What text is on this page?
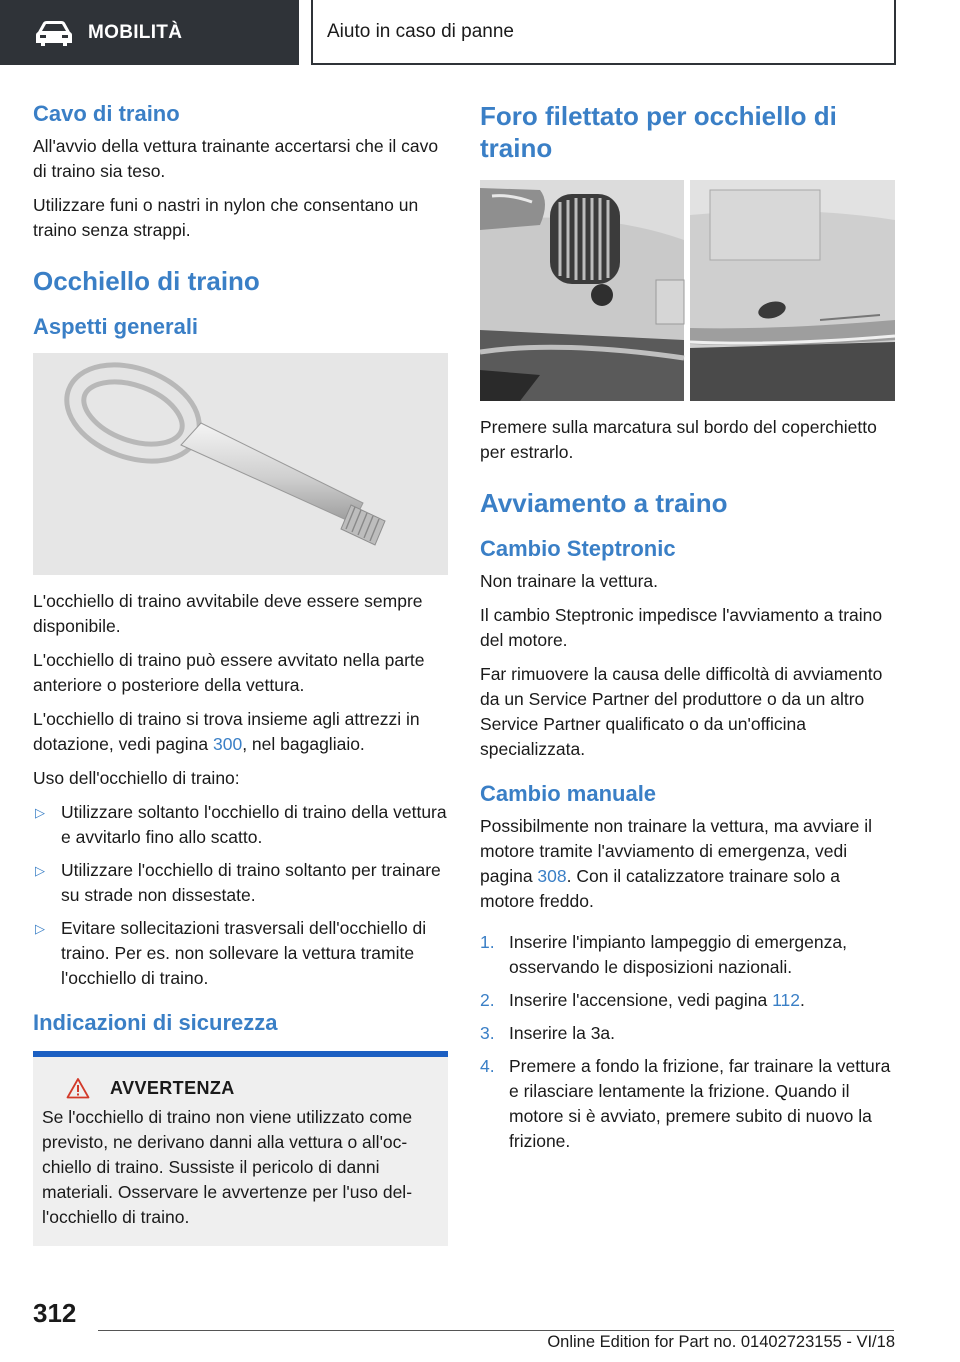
MOBILITÀ	Aiuto in caso di panne
Cavo di traino

All'avvio della vettura trainante accertarsi che il cavo di traino sia teso.

Utilizzare funi o nastri in nylon che consentano un traino senza strappi.

Occhiello di traino
Aspetti generali

L'occhiello di traino avvitabile deve essere sempre disponibile.

L'occhiello di traino può essere avvitato nella parte anteriore o posteriore della vettura.

L'occhiello di traino si trova insieme agli attrezzi in dotazione, vedi pagina 300, nel bagagliaio.

Uso dell'occhiello di traino:

▷ Utilizzare soltanto l'occhiello di traino della vettura e avvitarlo fino allo scatto.
▷ Utilizzare l'occhiello di traino soltanto per trainare su strade non dissestate.
▷ Evitare sollecitazioni trasversali dell'occhiello di traino. Per es. non sollevare la vettura tramite l'occhiello di traino.
Indicazioni di sicurezza
AVVERTENZA

Se l'occhiello di traino non viene utilizzato come previsto, ne derivano danni alla vettura o all'occhiello di traino. Sussiste il pericolo di danni materiali. Osservare le avvertenze per l'uso dell'occhiello di traino.

Foro filettato per occhiello di traino

Premere sulla marcatura sul bordo del coperchietto per estrarlo.

Avviamento a traino
Cambio Steptronic

Non trainare la vettura.

Il cambio Steptronic impedisce l'avviamento a traino del motore.

Far rimuovere la causa delle difficoltà di avviamento da un Service Partner del produttore o da un altro Service Partner qualificato o da un'officina specializzata.

Cambio manuale

Possibilmente non trainare la vettura, ma avviare il motore tramite l'avviamento di emergenza, vedi pagina 308. Con il catalizzatore trainare solo a motore freddo.

1. Inserire l'impianto lampeggio di emergenza, osservando le disposizioni nazionali.
2. Inserire l'accensione, vedi pagina 112.
3. Inserire la 3a.
4. Premere a fondo la frizione, far trainare la vettura e rilasciare lentamente la frizione. Quando il motore si è avviato, premere subito di nuovo la frizione.
312
Online Edition for Part no. 01402723155 - VI/18
